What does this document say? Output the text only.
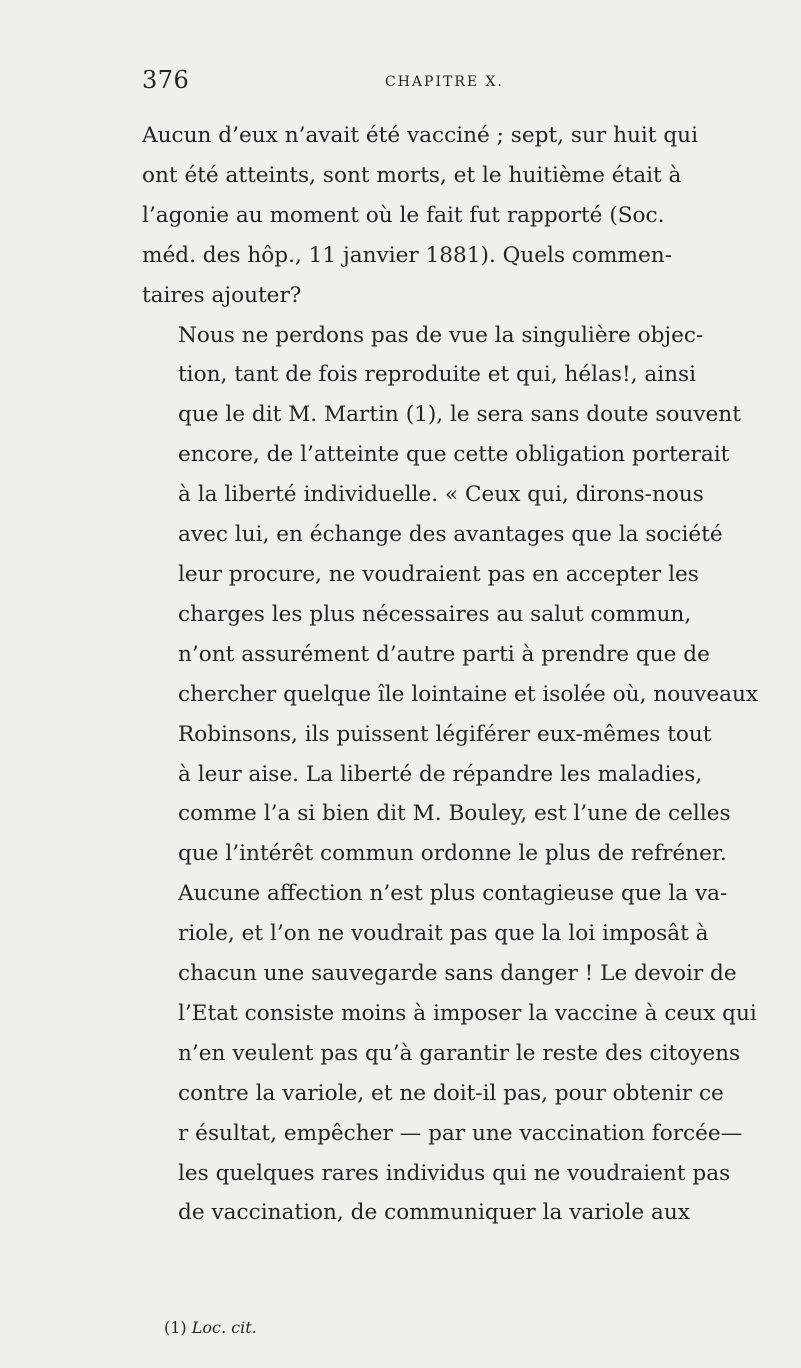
376	CHAPITRE X.

Aucun d’eux n’avait été vacciné ; sept, sur huit qui
ont été atteints, sont morts, et le huitième était à
l’agonie au moment où le fait fut rapporté (Soc.
méd. des hôp., 11 janvier 1881). Quels commen-
taires ajouter?

Nous ne perdons pas de vue la singulière objec-
tion, tant de fois reproduite et qui, hélas!, ainsi
que le dit M. Martin (1), le sera sans doute souvent
encore, de l’atteinte que cette obligation porterait
à la liberté individuelle. « Ceux qui, dirons-nous
avec lui, en échange des avantages que la société
leur procure, ne voudraient pas en accepter les
charges les plus nécessaires au salut commun,
n’ont assurément d’autre parti à prendre que de
chercher quelque île lointaine et isolée où, nouveaux
Robinsons, ils puissent légiférer eux-mêmes tout
à leur aise. La liberté de répandre les maladies,
comme l’a si bien dit M. Bouley, est l’une de celles
que l’intérêt commun ordonne le plus de refréner.
Aucune affection n’est plus contagieuse que la va-
riole, et l’on ne voudrait pas que la loi imposât à
chacun une sauvegarde sans danger ! Le devoir de
l’Etat consiste moins à imposer la vaccine à ceux qui
n’en veulent pas qu’à garantir le reste des citoyens
contre la variole, et ne doit-il pas, pour obtenir ce
r ésultat, empêcher — par une vaccination forcée—
les quelques rares individus qui ne voudraient pas
de vaccination, de communiquer la variole aux

(1) Loc. cit.
